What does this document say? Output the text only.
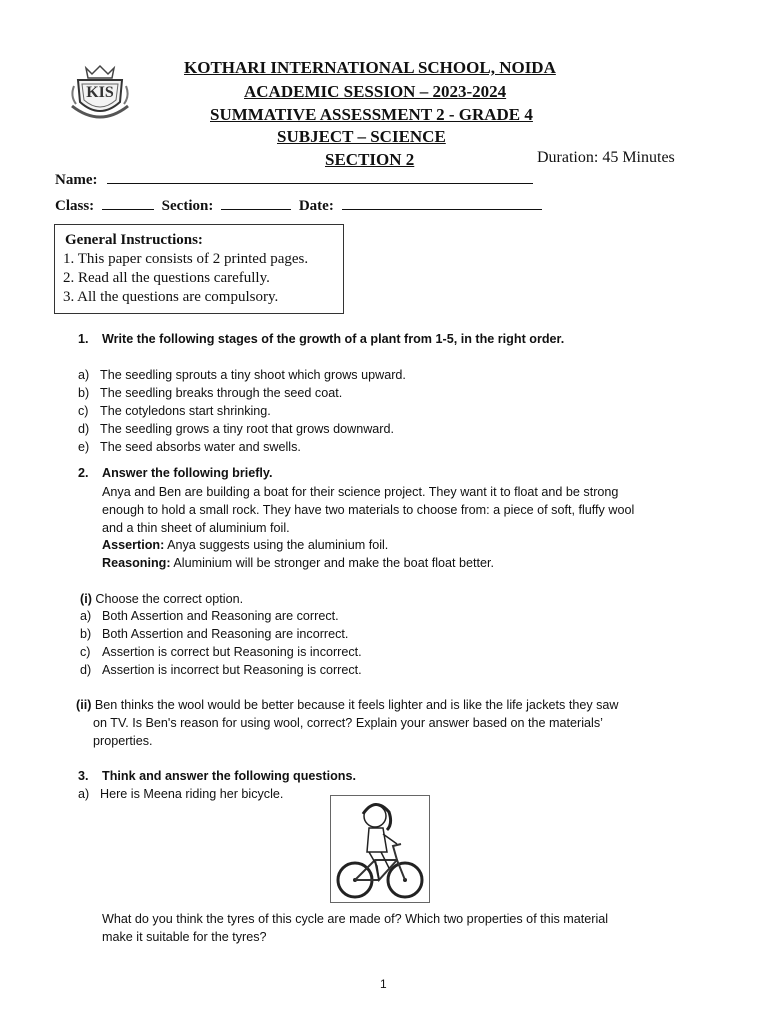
KIS
KOTHARI INTERNATIONAL SCHOOL, NOIDA
ACADEMIC SESSION – 2023-2024
SUMMATIVE ASSESSMENT 2 - GRADE 4
SUBJECT – SCIENCE
SECTION 2	Duration: 45 Minutes
Name:
Class:	Section:	Date:
General Instructions:
1. This paper consists of 2 printed pages.
2. Read all the questions carefully.
3. All the questions are compulsory.
1. Write the following stages of the growth of a plant from 1-5, in the right order.
a) The seedling sprouts a tiny shoot which grows upward.
b) The seedling breaks through the seed coat.
c) The cotyledons start shrinking.
d) The seedling grows a tiny root that grows downward.
e) The seed absorbs water and swells.
2. Answer the following briefly.
Anya and Ben are building a boat for their science project. They want it to float and be strong
enough to hold a small rock. They have two materials to choose from: a piece of soft, fluffy wool
and a thin sheet of aluminium foil.
Assertion: Anya suggests using the aluminium foil.
Reasoning: Aluminium will be stronger and make the boat float better.
(i) Choose the correct option.
a) Both Assertion and Reasoning are correct.
b) Both Assertion and Reasoning are incorrect.
c) Assertion is correct but Reasoning is incorrect.
d) Assertion is incorrect but Reasoning is correct.
(ii) Ben thinks the wool would be better because it feels lighter and is like the life jackets they saw
on TV. Is Ben's reason for using wool, correct? Explain your answer based on the materials’
properties.
3. Think and answer the following questions.
a) Here is Meena riding her bicycle.
What do you think the tyres of this cycle are made of? Which two properties of this material
make it suitable for the tyres?
1
